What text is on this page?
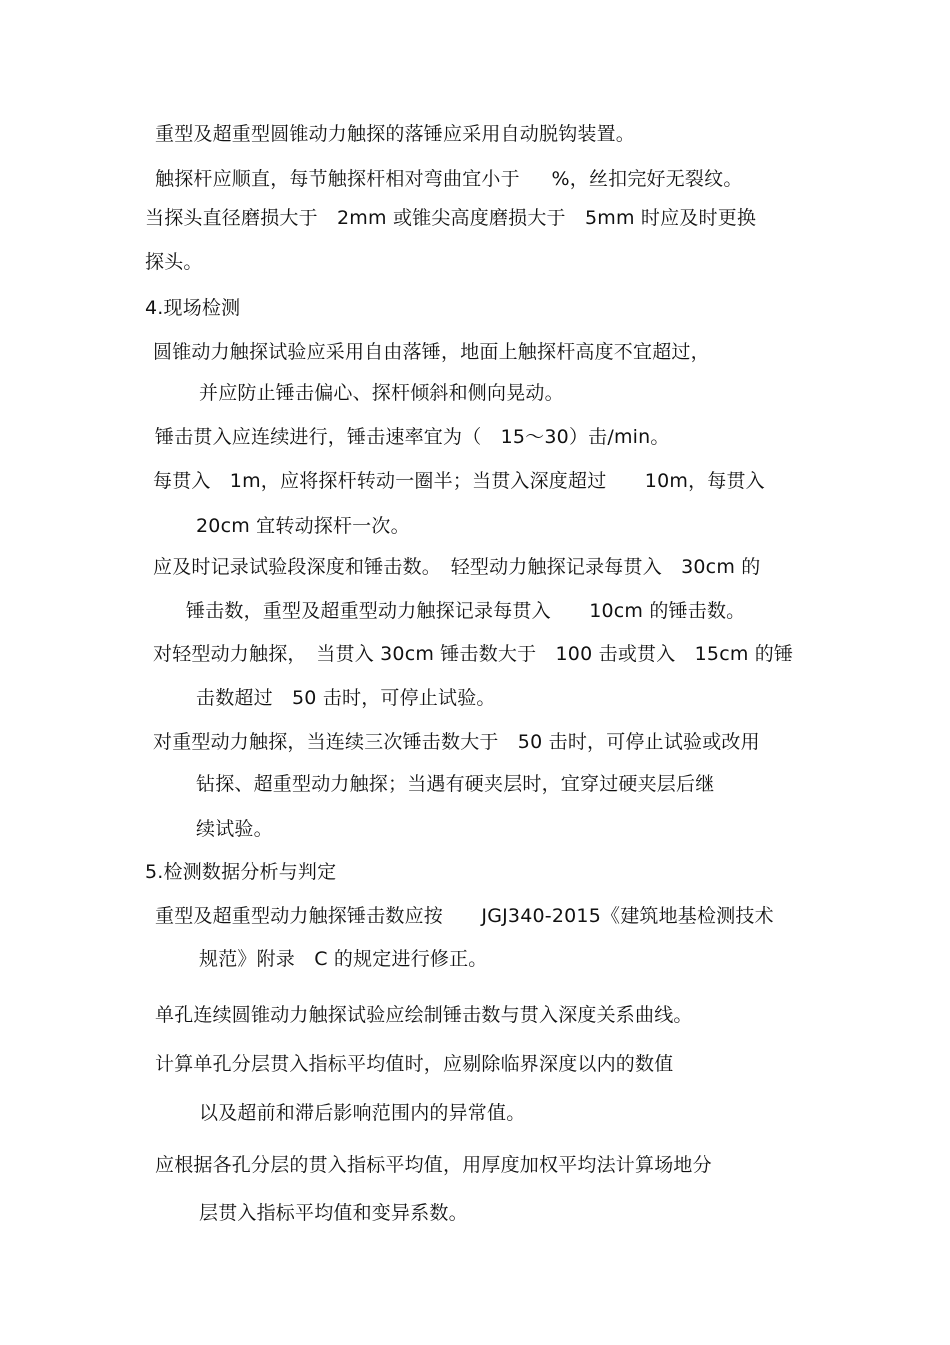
重型及超重型圆锥动力触探的落锤应采用自动脱钩装置。
触探杆应顺直，每节触探杆相对弯曲宜小于　  %，丝扣完好无裂纹。
当探头直径磨损大于　2mm 或锥尖高度磨损大于　5mm 时应及时更换
探头。
4.现场检测
圆锥动力触探试验应采用自由落锤，地面上触探杆高度不宜超过，
并应防止锤击偏心、探杆倾斜和侧向晃动。
锤击贯入应连续进行，锤击速率宜为（　15～30）击/min。
每贯入　1m，应将探杆转动一圈半；当贯入深度超过　　10m，每贯入
20cm 宜转动探杆一次。
应及时记录试验段深度和锤击数。　轻型动力触探记录每贯入　30cm 的
锤击数，重型及超重型动力触探记录每贯入　　10cm 的锤击数。
对轻型动力触探，　当贯入 30cm 锤击数大于　100 击或贯入　15cm 的锤
击数超过　50 击时，可停止试验。
对重型动力触探，当连续三次锤击数大于　50 击时，可停止试验或改用
钻探、超重型动力触探；当遇有硬夹层时，宜穿过硬夹层后继
续试验。
5.检测数据分析与判定
重型及超重型动力触探锤击数应按　　JGJ340-2015《建筑地基检测技术
规范》附录　C 的规定进行修正。
单孔连续圆锥动力触探试验应绘制锤击数与贯入深度关系曲线。
计算单孔分层贯入指标平均值时，应剔除临界深度以内的数值
以及超前和滞后影响范围内的异常值。
应根据各孔分层的贯入指标平均值，用厚度加权平均法计算场地分
层贯入指标平均值和变异系数。
